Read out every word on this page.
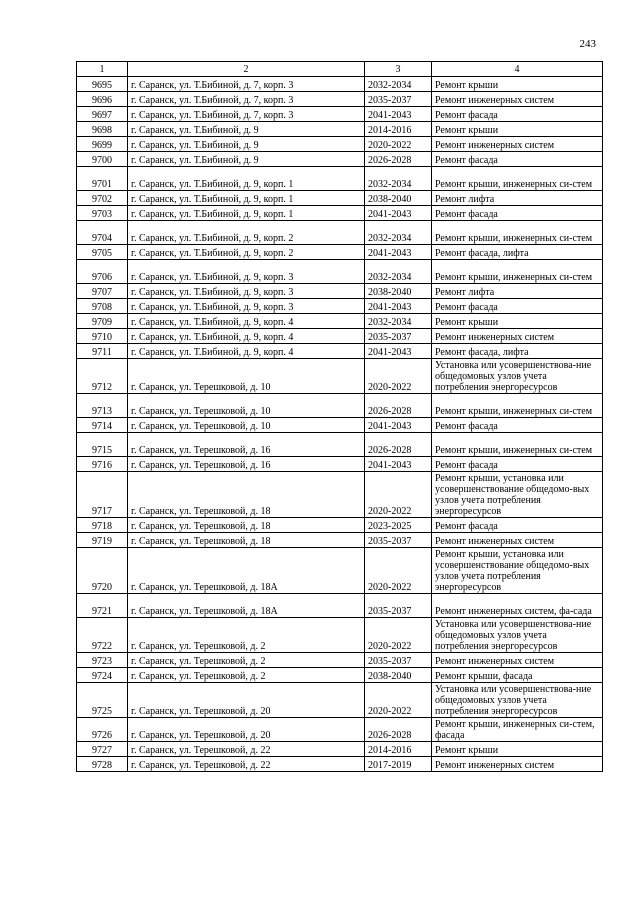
243
1	2	3	4
9695	г. Саранск, ул. Т.Бибиной, д. 7, корп. 3	2032-2034	Ремонт крыши
9696	г. Саранск, ул. Т.Бибиной, д. 7, корп. 3	2035-2037	Ремонт инженерных систем
9697	г. Саранск, ул. Т.Бибиной, д. 7, корп. 3	2041-2043	Ремонт фасада
9698	г. Саранск, ул. Т.Бибиной, д. 9	2014-2016	Ремонт крыши
9699	г. Саранск, ул. Т.Бибиной, д. 9	2020-2022	Ремонт инженерных систем
9700	г. Саранск, ул. Т.Бибиной, д. 9	2026-2028	Ремонт фасада
9701	г. Саранск, ул. Т.Бибиной, д. 9, корп. 1	2032-2034	Ремонт крыши, инженерных си-стем
9702	г. Саранск, ул. Т.Бибиной, д. 9, корп. 1	2038-2040	Ремонт лифта
9703	г. Саранск, ул. Т.Бибиной, д. 9, корп. 1	2041-2043	Ремонт фасада
9704	г. Саранск, ул. Т.Бибиной, д. 9, корп. 2	2032-2034	Ремонт крыши, инженерных си-стем
9705	г. Саранск, ул. Т.Бибиной, д. 9, корп. 2	2041-2043	Ремонт фасада, лифта
9706	г. Саранск, ул. Т.Бибиной, д. 9, корп. 3	2032-2034	Ремонт крыши, инженерных си-стем
9707	г. Саранск, ул. Т.Бибиной, д. 9, корп. 3	2038-2040	Ремонт лифта
9708	г. Саранск, ул. Т.Бибиной, д. 9, корп. 3	2041-2043	Ремонт фасада
9709	г. Саранск, ул. Т.Бибиной, д. 9, корп. 4	2032-2034	Ремонт крыши
9710	г. Саранск, ул. Т.Бибиной, д. 9, корп. 4	2035-2037	Ремонт инженерных систем
9711	г. Саранск, ул. Т.Бибиной, д. 9, корп. 4	2041-2043	Ремонт фасада, лифта
9712	г. Саранск, ул. Терешковой, д. 10	2020-2022	Установка или усовершенствова-ние общедомовых узлов учета потребления энергоресурсов
9713	г. Саранск, ул. Терешковой, д. 10	2026-2028	Ремонт крыши, инженерных си-стем
9714	г. Саранск, ул. Терешковой, д. 10	2041-2043	Ремонт фасада
9715	г. Саранск, ул. Терешковой, д. 16	2026-2028	Ремонт крыши, инженерных си-стем
9716	г. Саранск, ул. Терешковой, д. 16	2041-2043	Ремонт фасада
9717	г. Саранск, ул. Терешковой, д. 18	2020-2022	Ремонт крыши, установка или усовершенствование общедомо-вых узлов учета потребления энергоресурсов
9718	г. Саранск, ул. Терешковой, д. 18	2023-2025	Ремонт фасада
9719	г. Саранск, ул. Терешковой, д. 18	2035-2037	Ремонт инженерных систем
9720	г. Саранск, ул. Терешковой, д. 18А	2020-2022	Ремонт крыши, установка или усовершенствование общедомо-вых узлов учета потребления энергоресурсов
9721	г. Саранск, ул. Терешковой, д. 18А	2035-2037	Ремонт инженерных систем, фа-сада
9722	г. Саранск, ул. Терешковой, д. 2	2020-2022	Установка или усовершенствова-ние общедомовых узлов учета потребления энергоресурсов
9723	г. Саранск, ул. Терешковой, д. 2	2035-2037	Ремонт инженерных систем
9724	г. Саранск, ул. Терешковой, д. 2	2038-2040	Ремонт крыши, фасада
9725	г. Саранск, ул. Терешковой, д. 20	2020-2022	Установка или усовершенствова-ние общедомовых узлов учета потребления энергоресурсов
9726	г. Саранск, ул. Терешковой, д. 20	2026-2028	Ремонт крыши, инженерных си-стем, фасада
9727	г. Саранск, ул. Терешковой, д. 22	2014-2016	Ремонт крыши
9728	г. Саранск, ул. Терешковой, д. 22	2017-2019	Ремонт инженерных систем
